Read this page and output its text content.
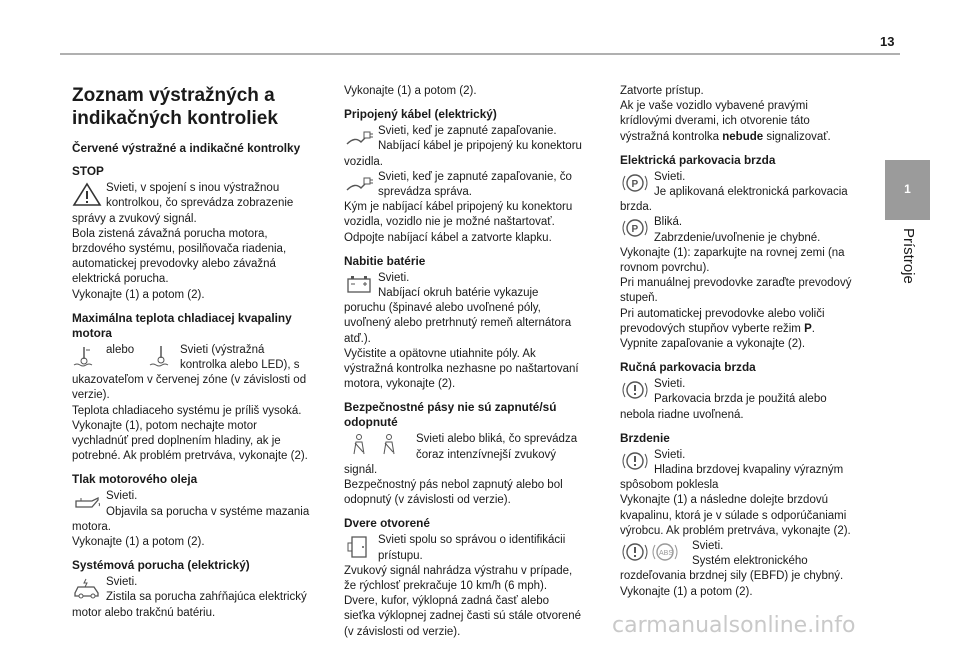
13
1
Prístroje
Zoznam výstražných a indikačných kontroliek
Červené výstražné a indikačné kontrolky
STOP

Svieti, v spojení s inou výstražnou kontrolkou, čo sprevádza zobrazenie správy a zvukový signál.

Bola zistená závažná porucha motora, brzdového systému, posilňovača riadenia, automatickej prevodovky alebo závažná elektrická porucha.

Vykonajte (1) a potom (2).

Maximálna teplota chladiacej kvapaliny motora
alebo	Svieti (výstražná kontrolka alebo LED), s ukazovateľom v červenej zóne (v závislosti od verzie).

Teplota chladiaceho systému je príliš vysoká.

Vykonajte (1), potom nechajte motor vychladnúť pred doplnením hladiny, ak je potrebné. Ak problém pretrváva, vykonajte (2).

Tlak motorového oleja

Svieti.

Objavila sa porucha v systéme mazania motora.

Vykonajte (1) a potom (2).

Systémová porucha (elektrický)

Svieti.

Zistila sa porucha zahŕňajúca elektrický motor alebo trakčnú batériu.

Vykonajte (1) a potom (2).

Pripojený kábel (elektrický)

Svieti, keď je zapnuté zapaľovanie.

Nabíjací kábel je pripojený ku konektoru vozidla.

Svieti, keď je zapnuté zapaľovanie, čo sprevádza správa.

Kým je nabíjací kábel pripojený ku konektoru vozidla, vozidlo nie je možné naštartovať.

Odpojte nabíjací kábel a zatvorte klapku.

Nabitie batérie

Svieti.

Nabíjací okruh batérie vykazuje poruchu (špinavé alebo uvoľnené póly, uvoľnený alebo pretrhnutý remeň alternátora atď.).

Vyčistite a opätovne utiahnite póly. Ak výstražná kontrolka nezhasne po naštartovaní motora, vykonajte (2).

Bezpečnostné pásy nie sú zapnuté/sú odopnuté

Svieti alebo bliká, čo sprevádza čoraz intenzívnejší zvukový signál.

Bezpečnostný pás nebol zapnutý alebo bol odopnutý (v závislosti od verzie).

Dvere otvorené

Svieti spolu so správou o identifikácii prístupu.

Zvukový signál nahrádza výstrahu v prípade, že rýchlosť prekračuje 10 km/h (6 mph).

Dvere, kufor, výklopná zadná časť alebo sieťka výklopnej zadnej časti sú stále otvorené (v závislosti od verzie).

Zatvorte prístup.

Ak je vaše vozidlo vybavené pravými krídlovými dverami, ich otvorenie táto výstražná kontrolka nebude signalizovať.

Elektrická parkovacia brzda
P

Svieti.

Je aplikovaná elektronická parkovacia brzda.

P

Bliká.

Zabrzdenie/uvoľnenie je chybné.

Vykonajte (1): zaparkujte na rovnej zemi (na rovnom povrchu).

Pri manuálnej prevodovke zaraďte prevodový stupeň.

Pri automatickej prevodovke alebo voliči prevodových stupňov vyberte režim P.

Vypnite zapaľovanie a vykonajte (2).

Ručná parkovacia brzda

Svieti.

Parkovacia brzda je použitá alebo nebola riadne uvoľnená.

Brzdenie

Svieti.

Hladina brzdovej kvapaliny výrazným spôsobom poklesla

Vykonajte (1) a následne dolejte brzdovú kvapalinu, ktorá je v súlade s odporúčaniami výrobcu. Ak problém pretrváva, vykonajte (2).

ABS

Svieti.

Systém elektronického rozdeľovania brzdnej sily (EBFD) je chybný.

Vykonajte (1) a potom (2).

carmanualsonline.info
